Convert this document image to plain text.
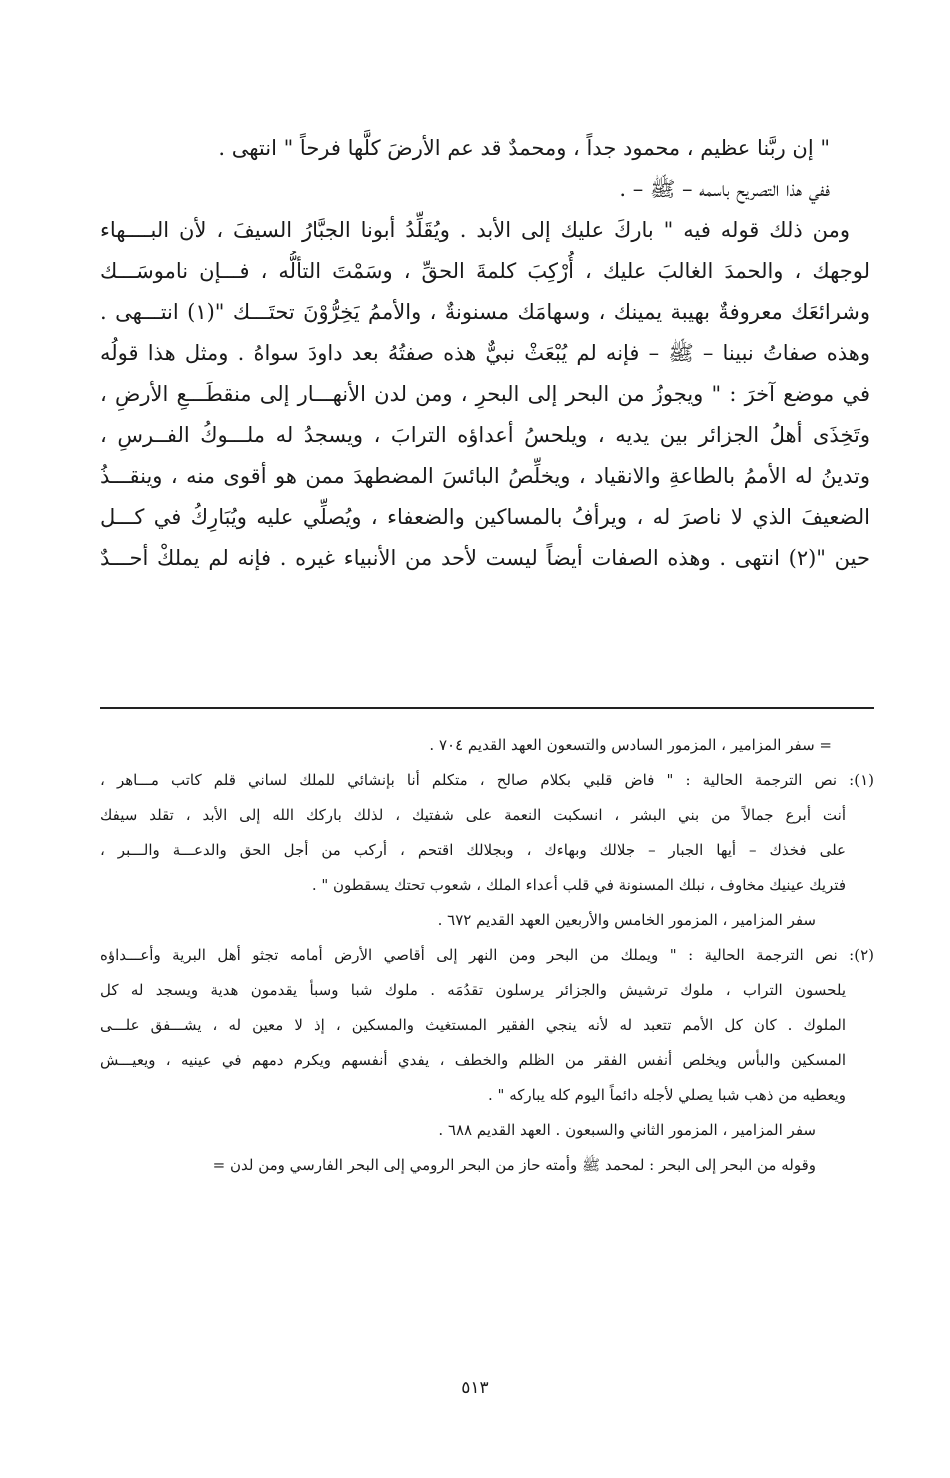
" إن ربَّنا عظيم ، محمود جداً ، ومحمدٌ قد عم الأرضَ كلَّها فرحاً " انتهى .
ففي هذا التصريح باسمه – ﷺ – .
ومن ذلك قوله فيه " باركَ عليك إلى الأبد . ويُقَلِّدُ أبونا الجبَّارُ السيفَ ، لأن البــــهاء
لوجهك ، والحمدَ الغالبَ عليك ، أُرْكِبَ كلمةَ الحقِّ ، وسَمْتَ التألُّه ، فـــإن ناموسَـــك
وشرائعَك معروفةٌ بهيبة يمينك ، وسهامَك مسنونةٌ ، والأممُ يَخِرُّوْنَ تحتَـــك "(١) انتـــهى .
وهذه صفاتُ نبينا – ﷺ – فإنه لم يُبْعَثْ نبيٌّ هذه صفتُهُ بعد داودَ سواهُ . ومثل هذا قولُه
في موضع آخرَ : " ويجوزُ من البحر إلى البحرِ ، ومن لدن الأنهـــار إلى منقطَـــعِ الأرضِ ،
وتَخِذَى أهلُ الجزائر بين يديه ، ويلحسُ أعداؤه الترابَ ، ويسجدُ له ملـــوكُ الفــرسِ ،
وتدينُ له الأممُ بالطاعةِ والانقياد ، ويخلِّصُ البائسَ المضطهدَ ممن هو أقوى منه ، وينقـــذُ
الضعيفَ الذي لا ناصرَ له ، ويرأفُ بالمساكين والضعفاء ، ويُصلِّي عليه ويُبَارِكُ في كـــل
حين "(٢) انتهى . وهذه الصفات أيضاً ليست لأحد من الأنبياء غيره . فإنه لم يملكْ أحـــدٌ
= سفر المزامير ، المزمور السادس والتسعون العهد القديم ٧٠٤ .
(١): نص الترجمة الحالية : " فاض قلبي بكلام صالح ، متكلم أنا بإنشائي للملك لساني قلم كاتب مـــاهر ،
أنت أبرع جمالاً من بني البشر ، انسكبت النعمة على شفتيك ، لذلك باركك الله إلى الأبد ، تقلد سيفك
على فخذك – أيها الجبار – جلالك وبهاءك ، وبجلالك اقتحم ، أركب من أجل الحق والدعـــة والـــبر ،
فتريك عينيك مخاوف ، نبلك المسنونة في قلب أعداء الملك ، شعوب تحتك يسقطون " .
سفر المزامير ، المزمور الخامس والأربعين العهد القديم ٦٧٢ .
(٢): نص الترجمة الحالية : " ويملك من البحر ومن النهر إلى أقاصي الأرض أمامه تجثو أهل البرية وأعـــداؤه
يلحسون التراب ، ملوك ترشيش والجزائر يرسلون تقدُمَه . ملوك شبا وسبأ يقدمون هدية ويسجد له كل
الملوك . كان كل الأمم تتعبد له لأنه ينجي الفقير المستغيث والمسكين ، إذ لا معين له ، يشـــفق علـــى
المسكين والبأس ويخلص أنفس الفقر من الظلم والخطف ، يفدي أنفسهم ويكرم دمهم في عينيه ، ويعيـــش
ويعطيه من ذهب شبا يصلي لأجله دائماً اليوم كله يباركه " .
سفر المزامير ، المزمور الثاني والسبعون . العهد القديم ٦٨٨ .
وقوله من البحر إلى البحر : لمحمد ﷺ وأمته حاز من البحر الرومي إلى البحر الفارسي ومن لدن =
٥١٣
